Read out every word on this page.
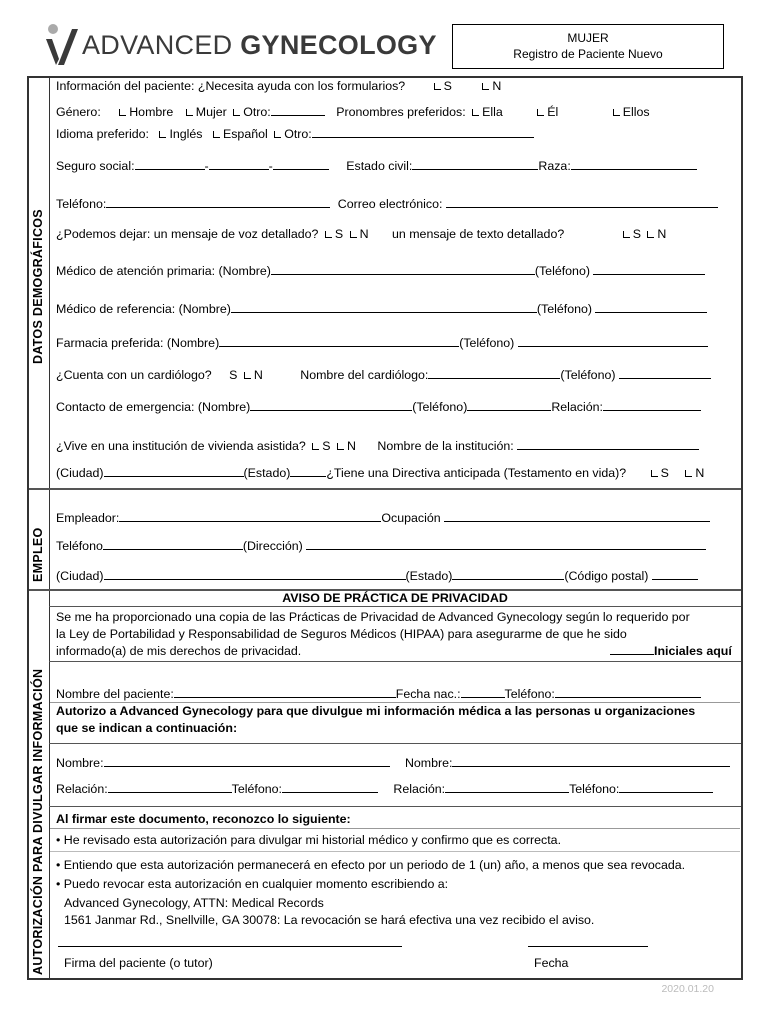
ADVANCED GYNECOLOGY	MUJER
Registro de Paciente Nuevo
DATOS DEMOGRÁFICOS
EMPLEO
AUTORIZACIÓN PARA DIVULGAR INFORMACIÓN
Información del paciente: ¿Necesita ayuda con los formularios?	S	N
Género: Hombre Mujer Otro:	Pronombres preferidos: Ella	Él	Ellos
Idioma preferido: Inglés Español Otro:
Seguro social:	-	-	Estado civil:	Raza:
Teléfono:	Correo electrónico:
¿Podemos dejar: un mensaje de voz detallado? S N un mensaje de texto detallado?	S N
Médico de atención primaria: (Nombre)	(Teléfono)
Médico de referencia: (Nombre)	(Teléfono)
Farmacia preferida: (Nombre)	(Teléfono)
¿Cuenta con un cardiólogo? S N	Nombre del cardiólogo:	(Teléfono)
Contacto de emergencia: (Nombre)	(Teléfono)	Relación:
¿Vive en una institución de vivienda asistida? S N Nombre de la institución:
(Ciudad)	(Estado)	¿Tiene una Directiva anticipada (Testamento en vida)?	S N
Empleador:	Ocupación
Teléfono	(Dirección)
(Ciudad)	(Estado)	(Código postal)
AVISO DE PRÁCTICA DE PRIVACIDAD
Se me ha proporcionado una copia de las Prácticas de Privacidad de Advanced Gynecology según lo requerido por
la Ley de Portabilidad y Responsabilidad de Seguros Médicos (HIPAA) para asegurarme de que he sido
informado(a) de mis derechos de privacidad.	Iniciales aquí
Nombre del paciente:	Fecha nac.:	Teléfono:
Autorizo a Advanced Gynecology para que divulgue mi información médica a las personas u organizaciones
que se indican a continuación:
Nombre:	Nombre:
Relación:	Teléfono:	Relación:	Teléfono:
Al firmar este documento, reconozco lo siguiente:
• He revisado esta autorización para divulgar mi historial médico y confirmo que es correcta.
• Entiendo que esta autorización permanecerá en efecto por un periodo de 1 (un) año, a menos que sea revocada.
• Puedo revocar esta autorización en cualquier momento escribiendo a:
Advanced Gynecology, ATTN: Medical Records
1561 Janmar Rd., Snellville, GA 30078: La revocación se hará efectiva una vez recibido el aviso.
Firma del paciente (o tutor)	Fecha
2020.01.20
